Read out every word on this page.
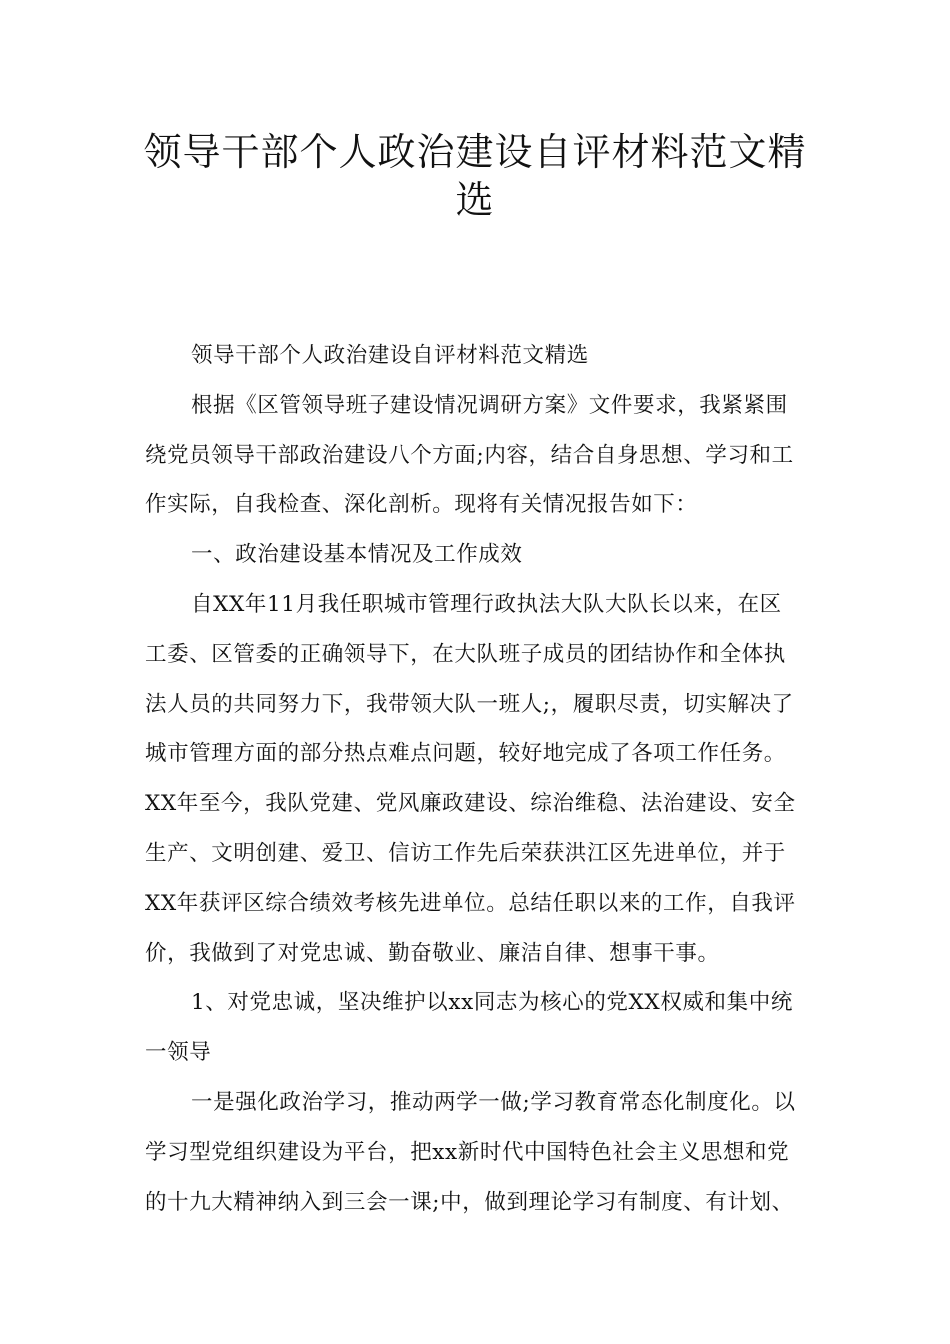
领导干部个人政治建设自评材料范文精
选

领导干部个人政治建设自评材料范文精选

根据《区管领导班子建设情况调研方案》文件要求，我紧紧围
绕党员领导干部政治建设八个方面;内容，结合自身思想、学习和工
作实际，自我检查、深化剖析。现将有关情况报告如下：

一、政治建设基本情况及工作成效

自XX年11月我任职城市管理行政执法大队大队长以来，在区
工委、区管委的正确领导下，在大队班子成员的团结协作和全体执
法人员的共同努力下，我带领大队一班人;，履职尽责，切实解决了
城市管理方面的部分热点难点问题，较好地完成了各项工作任务。
XX年至今，我队党建、党风廉政建设、综治维稳、法治建设、安全
生产、文明创建、爱卫、信访工作先后荣获洪江区先进单位，并于
XX年获评区综合绩效考核先进单位。总结任职以来的工作，自我评
价，我做到了对党忠诚、勤奋敬业、廉洁自律、想事干事。

1、对党忠诚，坚决维护以xx同志为核心的党XX权威和集中统
一领导

一是强化政治学习，推动两学一做;学习教育常态化制度化。以
学习型党组织建设为平台，把xx新时代中国特色社会主义思想和党
的十九大精神纳入到三会一课;中，做到理论学习有制度、有计划、
